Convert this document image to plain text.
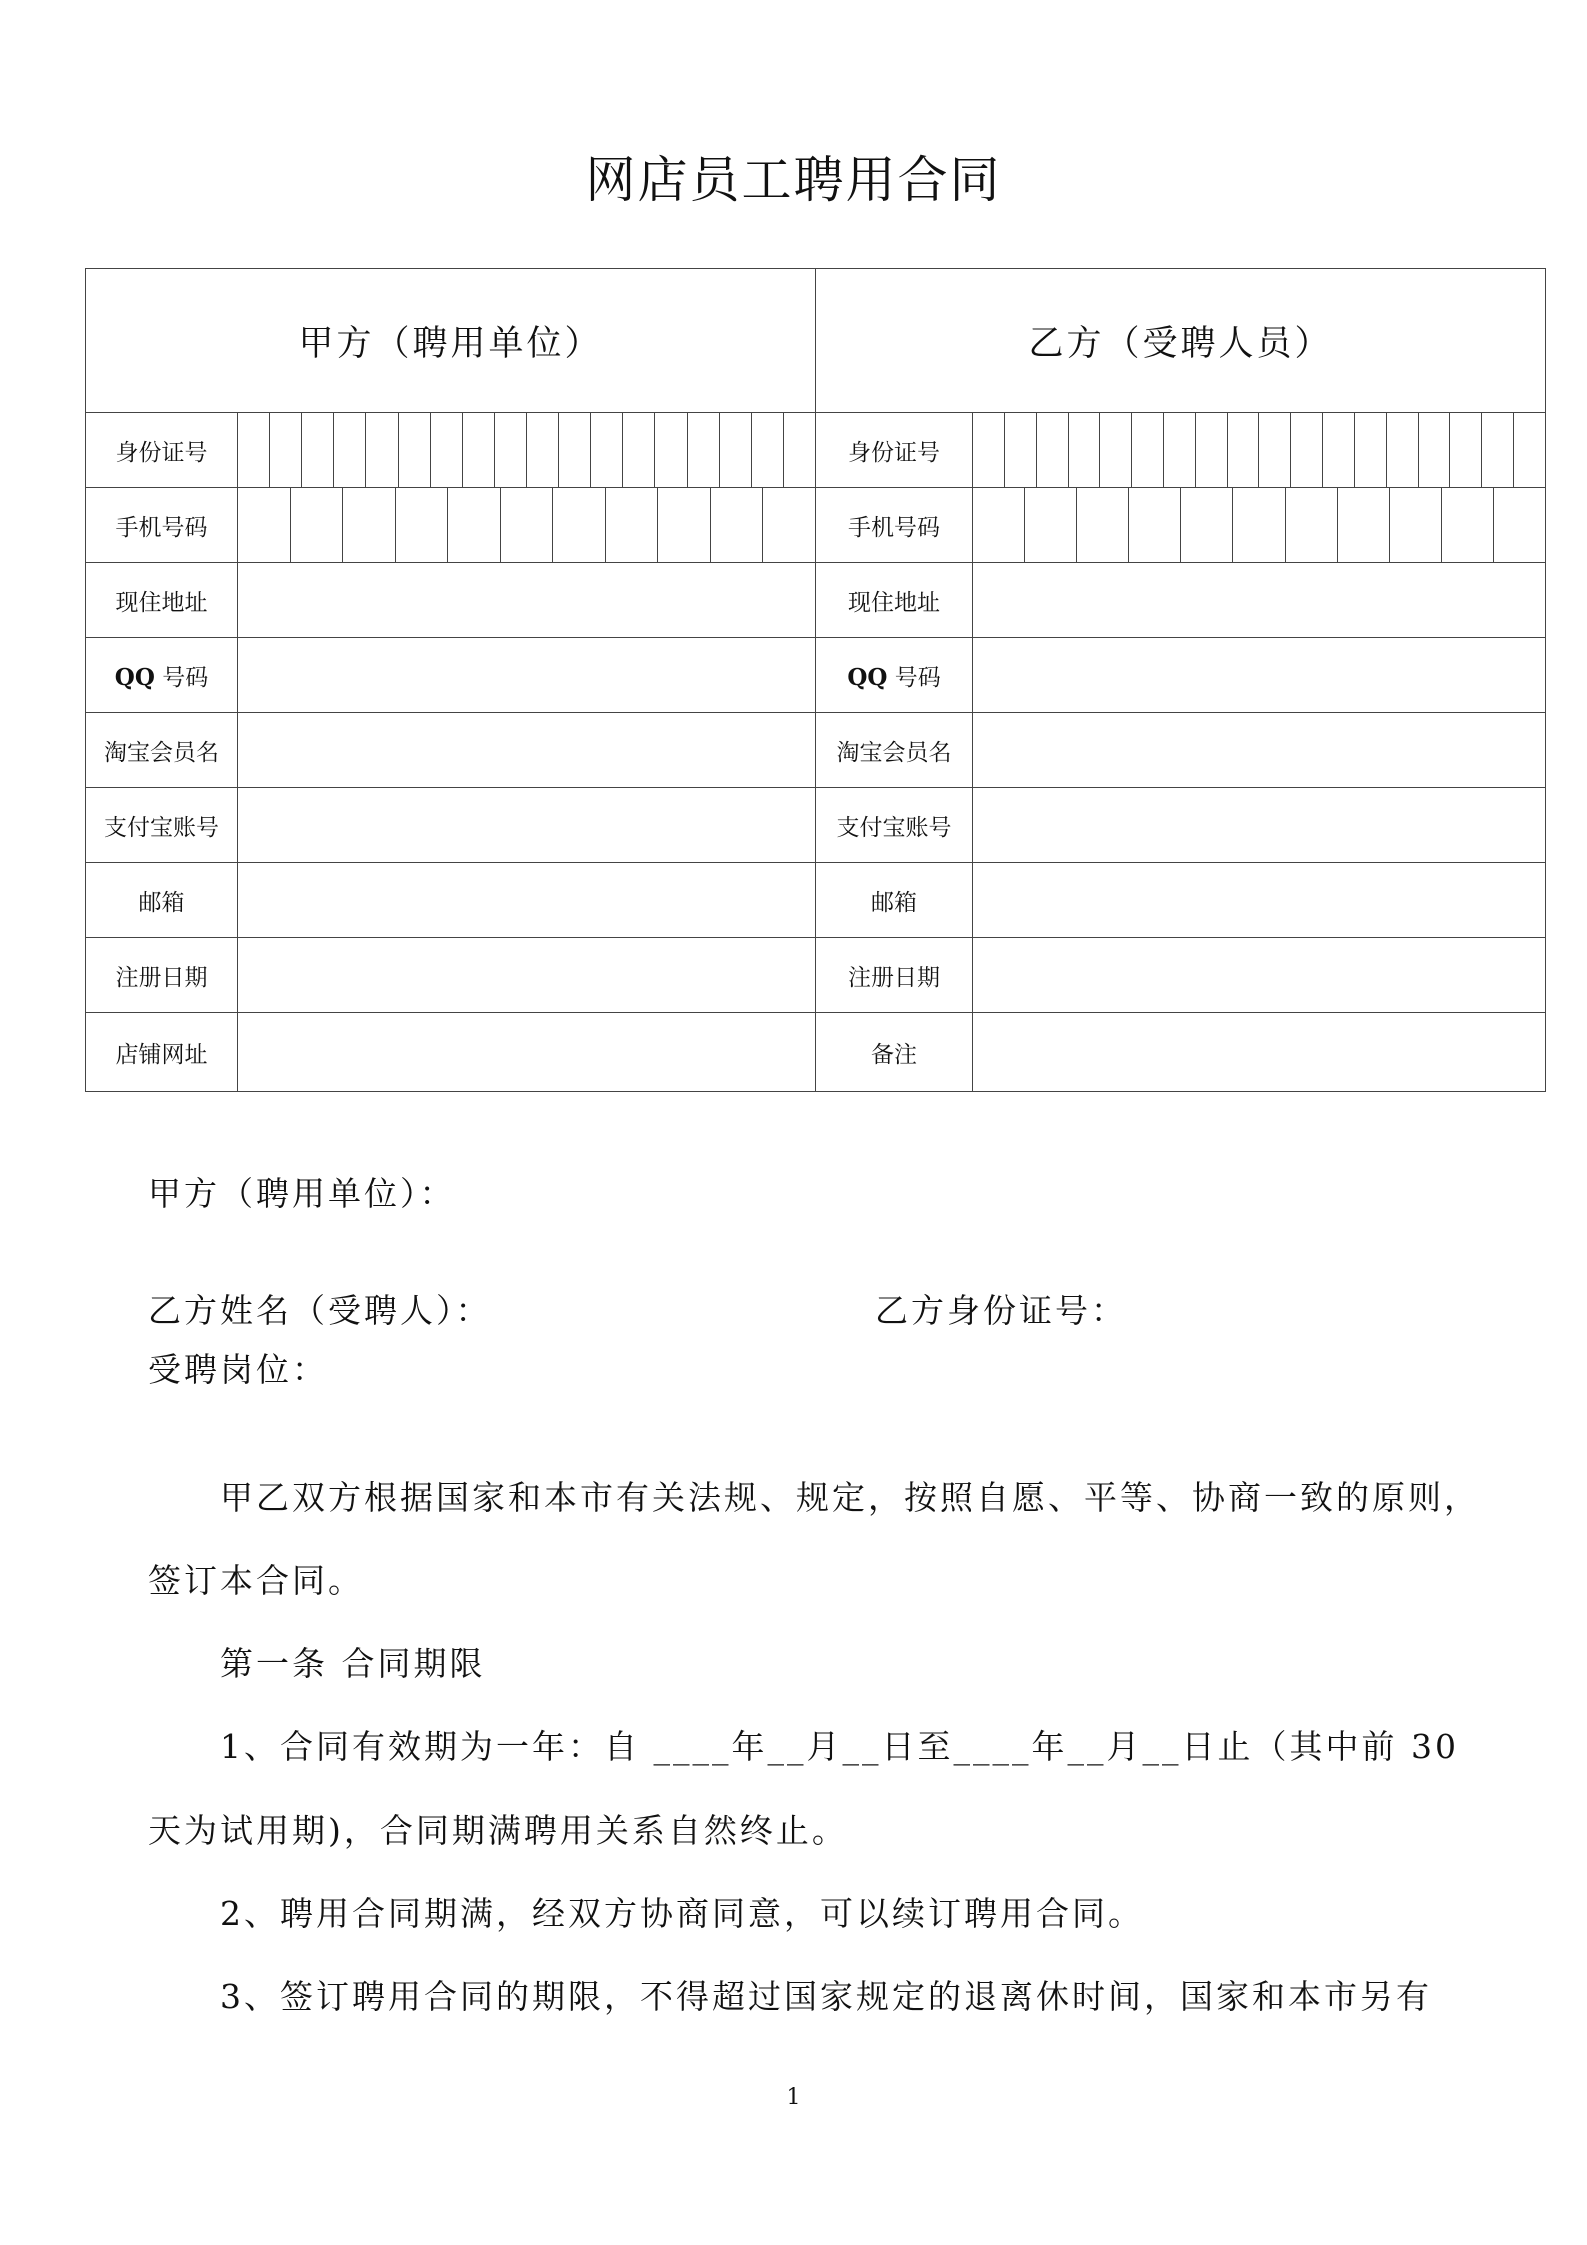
网店员工聘用合同
甲方（聘用单位）		乙方（受聘人员）	
身份证号		身份证号	

手机号码		手机号码	

现住地址		现住地址	
QQ 号码		QQ 号码	
淘宝会员名		淘宝会员名	
支付宝账号		支付宝账号	
邮箱		邮箱	
注册日期		注册日期	
店铺网址		备注	
甲方（聘用单位）：
乙方姓名（受聘人）：	乙方身份证号：
受聘岗位：
甲乙双方根据国家和本市有关法规、规定，按照自愿、平等、协商一致的原则，
签订本合同。
第一条 合同期限
1、合同有效期为一年：自 ____年__月__日至____年__月__日止（其中前 30
天为试用期)，合同期满聘用关系自然终止。
2、聘用合同期满，经双方协商同意，可以续订聘用合同。
3、签订聘用合同的期限，不得超过国家规定的退离休时间，国家和本市另有
1
